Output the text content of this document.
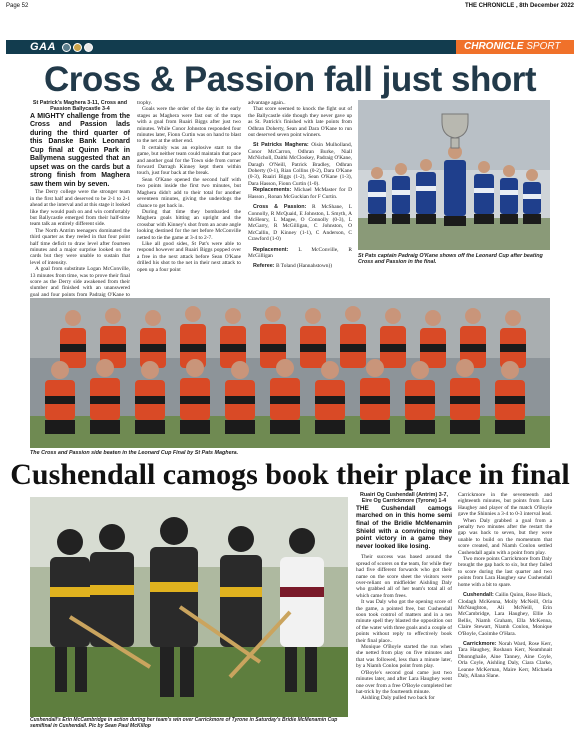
Page 52	THE CHRONICLE , 8th December 2022
GAA	CHRONICLE SPORT
Cross & Passion fall just short

St Patrick's Maghera 3-11, Cross and Passion Ballycastle 3-4

A MIGHTY challenge from the Cross and Passion lads during the third quarter of this Danske Bank Leonard Cup final at Quinn Park in Ballymena suggested that an upset was on the cards but a strong finish from Maghera saw them win by seven.

The Derry college were the stronger team in the first half and deserved to be 2-1 to 2-1 ahead at the interval and at this stage it looked like they would push on and win comfortably but Ballycastle emerged from their half-time team talk an entirely different side.

The North Antrim teenagers dominated the third quarter as they reeled in that four point half time deficit to draw level after fourteen minutes and a major surprise looked on the cards but they were unable to sustain that level of intensity.

A goal from substitute Logan McConville, 13 minutes from time, was to prove their final score as the Derry side awakened from their slumber and finished with an unanswered goal and four points from Padraig O'Kane to

trophy.

Goals were the order of the day in the early stages as Maghera were fast out of the traps with a goal from Ruairi Biggs after just two minutes. While Conor Johnston responded four minutes later, Fionn Curtin was on hand to blast to the net at the other end.

It certainly was an explosive start to the game, but neither team could maintain that pace and another goal for the Town side from corner forward Darragh Kinney kept them within touch, just four back at the break.

Sean O'Kane opened the second half with two points inside the first two minutes, but Maghera didn't add to their total for another seventeen minutes, giving the underdogs the chance to get back in.

During that time they bombarded the Maghera goals hitting an upright and the crossbar with Kinney's shot from an acute angle looking destined for the net before McConville netted to tie the game at 3-4 to 2-7.

Like all good sides, St Pat's were able to respond however and Ruairi Biggs popped over a free in the next attack before Sean O'Kane drilled his shot to the net in their next attack to open up a four point

advantage again..

That score seemed to knock the fight out of the Ballycastle side though they never gave up as St. Patrick's finished with late points from Odhran Doherty, Sean and Dara O'Kane to run out deserved seven point winners.

St Patricks Maghera: Oisin Mulholland, Conor McCarron, Odhran Burke, Niall McNicholl, Daithi McCloskey, Padraig O'Kane, Daragh O'Neill, Patrick Bradley, Odhran Doherty (0-1), Rian Collins (0-2), Dara O'Kane (0-3), Ruairi Biggs (1-2), Sean O'Kane (1-3), Dara Hasson, Fionn Curtin (1-0).

Replacements: Michael McMaster for D Hasson , Ronan McGuckian for F Curtin.

Cross & Passion: R McShane, L Connolly, R McQuaid, E Johnston, L Smyth, A McHenry, L Magee, O Connolly (0-3), L McGarry, R McGilligan, C Johnston, O McCallin, D Kinney (1-1), C Anderson, C Crawford (1-0)

Replacement: L McConville, R McGilligan

Referee: B Toland (Hannahstown))

St Pats captain Padraig O'Kane shows off the Leonard Cup after beating Cross and Passion in the final.
The Cross and Passion side beaten in the Leonard Cup Final by St Pats Maghera.
Cushendall camogs book their place in final
Cushendall's Erin McCambridge in action during her team's win over Carrickmore of Tyrone in Saturday's Bridie McMenamin Cup semifinal in Cushendall. Pic by Sean Paul McKillop

Ruairi Og Cushendall (Antrim) 3-7, Eire Og Carrickmore (Tyrone) 1-4

THE Cushendall camogs marched on in this home semi final of the Bridie McMenamin Shield with a convincing nine point victory in a game they never looked like losing.

Their success was based around the spread of scorers on the team, for while they had five different forwards who got their name on the score sheet the visitors were over-reliant on midfielder Aishling Daly who grabbed all of her team's total all of which came from frees.

It was Daly who got the opening score of the game, a pointed free, but Cushendall soon took control of matters and in a ten minute spell they blasted the opposition out of the water with three goals and a couple of points without reply to effectively book their final place..

Monique O'Boyle started the run when she netted from play on five minutes and that was followed, less than a minute later, by a Niamh Conlon point from play.

O'Boyle's second goal came just two minutes later, and after Lara Haughey went one over from a free O'Boyle completed her hat-trick by the fourteenth minute.

Aishling Daly pulled two back for

Carrickmore in the seventeenth and eighteenth minutes, but points from Lara Haughey and player of the match O'Boyle gave the Shinnies a 3-4 to 0-3 interval lead.

When Daly grabbed a goal from a penalty two minutes after the restart the gap was back to seven, but they were unable to build on the momentum that score created, and Niamh Conlon settled Cushendall again with a point from play.

Two more points Carrickmore from Daly brought the gap back to six, but they failed to score during the last quarter and two points from Lara Haughey saw Cushendall home with a bit to spare.

Cushendall: Cailin Quinn, Rose Black, Clodagh McKenna, Molly McNeill, Orla McNaughton, Ali McNeill, Erin McCambridge, Lara Haughey, Ellie Jo Bellis, Niamh Graham, Ella McKenna, Claire Stewart, Niamh Conlon, Monique O'Boyle, Caoimhe O'Hara.

Carrickmore: Norah Ward, Rose Kerr, Tara Haughey, Roshaun Kerr, Neamhnait Dhonnghaile, Aine Tanney, Aine Coyle, Orla Coyle, Aishling Daly, Ciara Clarke, Leanne McKernan, Maire Kerr, Michaela Daly, Allana Slane.
